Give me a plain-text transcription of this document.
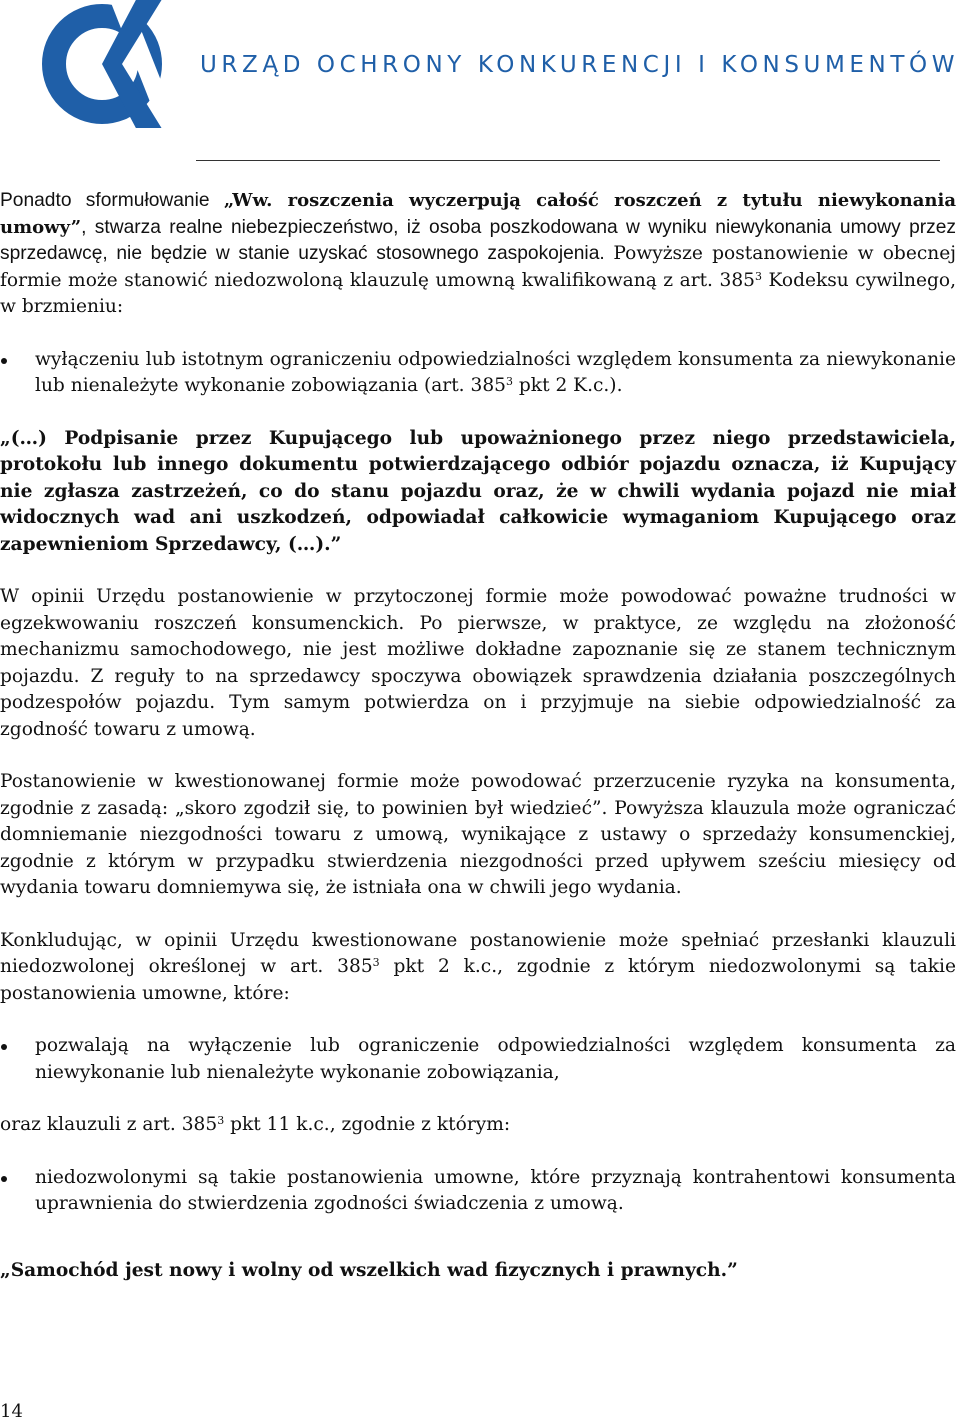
URZĄD OCHRONY KONKURENCJI I KONSUMENTÓW

Ponadto sformułowanie „Ww. roszczenia wyczerpują całość roszczeń z tytułu niewykonania umowy”, stwarza realne niebezpieczeństwo, iż osoba poszkodowana w wyniku niewykonania umowy przez sprzedawcę, nie będzie w stanie uzyskać stosownego zaspokojenia. Powyższe postanowienie w obecnej formie może stanowić niedozwoloną klauzulę umowną kwalifikowaną z art. $385^3$ Kodeksu cywilnego, w brzmieniu:

wyłączeniu lub istotnym ograniczeniu odpowiedzialności względem konsumenta za niewykonanie lub nienależyte wykonanie zobowiązania (art. $385^3$ pkt 2 K.c.).

„(…) Podpisanie przez Kupującego lub upoważnionego przez niego przedstawiciela, protokołu lub innego dokumentu potwierdzającego odbiór pojazdu oznacza, iż Kupujący nie zgłasza zastrzeżeń, co do stanu pojazdu oraz, że w chwili wydania pojazd nie miał widocznych wad ani uszkodzeń, odpowiadał całkowicie wymaganiom Kupującego oraz zapewnieniom Sprzedawcy, (…).”

W opinii Urzędu postanowienie w przytoczonej formie może powodować poważne trudności w egzekwowaniu roszczeń konsumenckich. Po pierwsze, w praktyce, ze względu na złożoność mechanizmu samochodowego, nie jest możliwe dokładne zapoznanie się ze stanem technicznym pojazdu. Z reguły to na sprzedawcy spoczywa obowiązek sprawdzenia działania poszczególnych podzespołów pojazdu. Tym samym potwierdza on i przyjmuje na siebie odpowiedzialność za zgodność towaru z umową.

Postanowienie w kwestionowanej formie może powodować przerzucenie ryzyka na konsumenta, zgodnie z zasadą: „skoro zgodził się, to powinien był wiedzieć”. Powyższa klauzula może ograniczać domniemanie niezgodności towaru z umową, wynikające z ustawy o sprzedaży konsumenckiej, zgodnie z którym w przypadku stwierdzenia niezgodności przed upływem sześciu miesięcy od wydania towaru domniemywa się, że istniała ona w chwili jego wydania.

Konkludując, w opinii Urzędu kwestionowane postanowienie może spełniać przesłanki klauzuli niedozwolonej określonej w art. $385^3$ pkt 2 k.c., zgodnie z którym niedozwolonymi są takie postanowienia umowne, które:

pozwalają na wyłączenie lub ograniczenie odpowiedzialności względem konsumenta za niewykonanie lub nienależyte wykonanie zobowiązania,

oraz klauzuli z art. $385^3$ pkt 11 k.c., zgodnie z którym:

niedozwolonymi są takie postanowienia umowne, które przyznają kontrahentowi konsumenta uprawnienia do stwierdzenia zgodności świadczenia z umową.

„Samochód jest nowy i wolny od wszelkich wad fizycznych i prawnych.”

14
